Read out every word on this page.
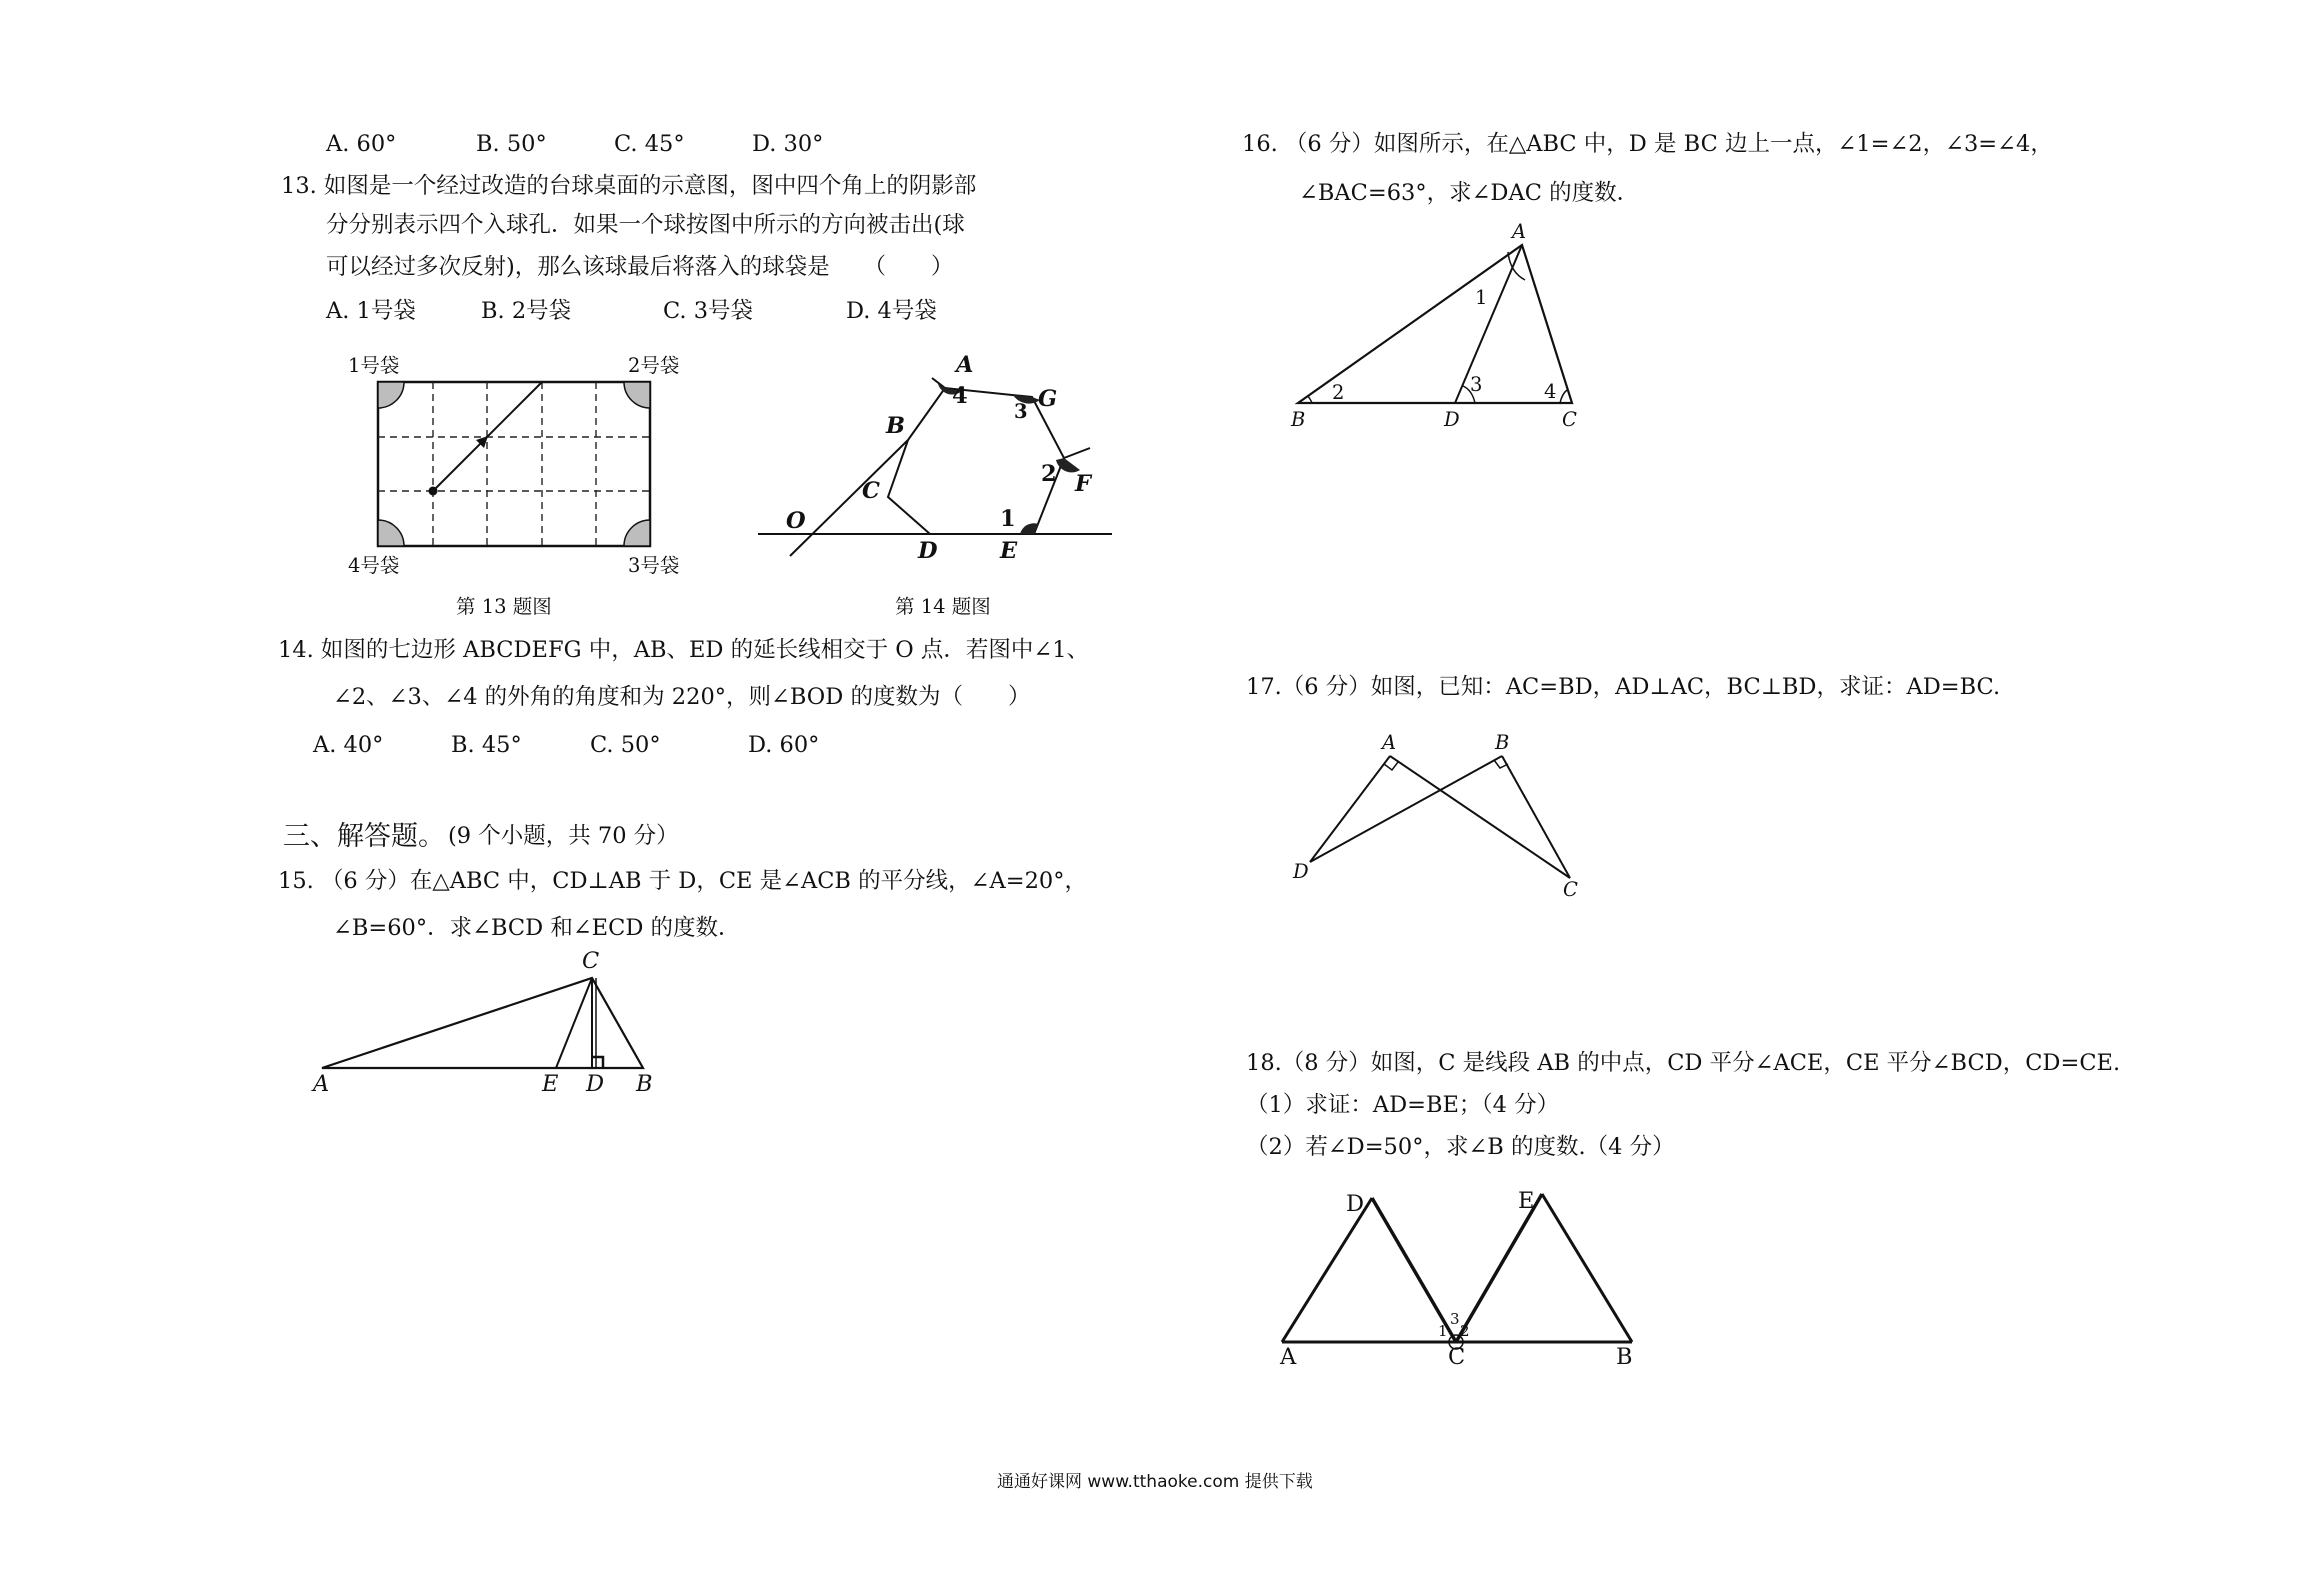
A. 60°	B. 50°	C. 45°	D. 30°
13. 如图是一个经过改造的台球桌面的示意图，图中四个角上的阴影部
分分别表示四个入球孔．如果一个球按图中所示的方向被击出(球
可以经过多次反射)，那么该球最后将落入的球袋是　　（　　）
A. 1号袋	B. 2号袋	C. 3号袋	D. 4号袋
1号袋	2号袋
3号袋
4号袋
第 13 题图
A
G
F
B
C
D	E
O
4
3
2
1
第 14 题图
14. 如图的七边形 ABCDEFG 中，AB、ED 的延长线相交于 O 点．若图中∠1、
∠2、∠3、∠4 的外角的角度和为 220°，则∠BOD 的度数为（　　）
A. 40°	B. 45°	C. 50°	D. 60°
三、解答题。 (9 个小题，共 70 分）
15. （6 分）在△ABC 中，CD⊥AB 于 D，CE 是∠ACB 的平分线，∠A=20°，
∠B=60°．求∠BCD 和∠ECD 的度数．
C
A	E D B
16. （6 分）如图所示，在△ABC 中，D 是 BC 边上一点，∠1=∠2，∠3=∠4，
∠BAC=63°，求∠DAC 的度数．
A
B	D	C
1
2	3	4
17.（6 分）如图，已知：AC=BD，AD⊥AC，BC⊥BD，求证：AD=BC.
A	B
D
C
18.（8 分）如图，C 是线段 AB 的中点，CD 平分∠ACE，CE 平分∠BCD，CD=CE.
（1）求证：AD=BE；（4 分）
（2）若∠D=50°，求∠B 的度数.（4 分）
D	E
A	C	B
1 2
3
通通好课网 www.tthaoke.com 提供下载
